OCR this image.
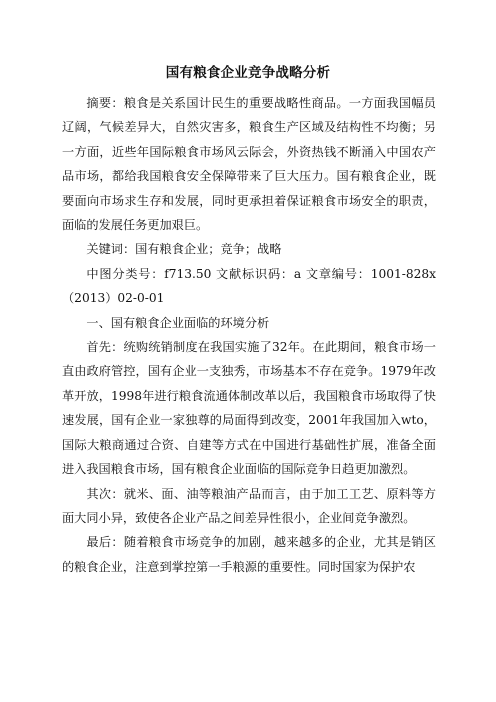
国有粮食企业竞争战略分析

摘要：粮食是关系国计民生的重要战略性商品。一方面我国幅员辽阔，气候差异大，自然灾害多，粮食生产区域及结构性不均衡；另一方面，近些年国际粮食市场风云际会，外资热钱不断涌入中国农产品市场，都给我国粮食安全保障带来了巨大压力。国有粮食企业，既要面向市场求生存和发展，同时更承担着保证粮食市场安全的职责，面临的发展任务更加艰巨。

关键词：国有粮食企业；竞争；战略

中图分类号：f713.50 文献标识码：a 文章编号：1001-828x（2013）02-0-01

一、国有粮食企业面临的环境分析

首先：统购统销制度在我国实施了32年。在此期间，粮食市场一直由政府管控，国有企业一支独秀，市场基本不存在竞争。1979年改革开放，1998年进行粮食流通体制改革以后，我国粮食市场取得了快速发展，国有企业一家独尊的局面得到改变，2001年我国加入wto，国际大粮商通过合资、自建等方式在中国进行基础性扩展，准备全面进入我国粮食市场，国有粮食企业面临的国际竞争日趋更加激烈。

其次：就米、面、油等粮油产品而言，由于加工工艺、原料等方面大同小异，致使各企业产品之间差异性很小，企业间竞争激烈。

最后：随着粮食市场竞争的加剧，越来越多的企业，尤其是销区的粮食企业，注意到掌控第一手粮源的重要性。同时国家为保护农
